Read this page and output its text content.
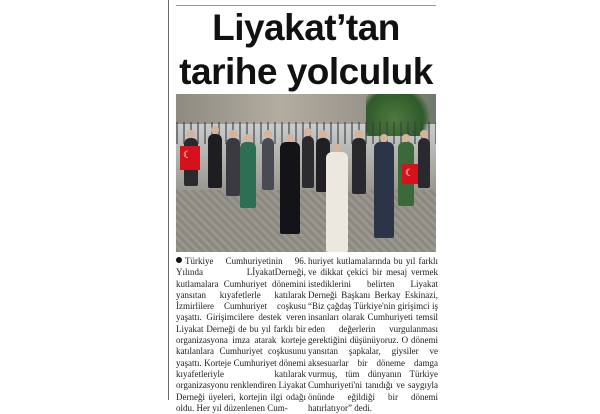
Liyakat’tan
tarihe yolculuk
☾
☾

Türkiye Cumhuriyetinin 96. Yılında LİyakatDerneği, kutlamalara Cumhuriyet dönemini yansıtan kıyafetlerle katılarak İzmirlilere Cumhuriyet coşkusu yaşattı. Girişimcilere destek veren Liyakat Derneği de bu yıl farklı bir organizasyona imza atarak korteje katılanlara Cumhuriyet coşkusunu yaşattı. Korteje Cumhuriyet dönemi kıyafetleriyle katılarak organizasyonu renklendiren Liyakat Derneği üyeleri, kortejin ilgi odağı oldu. Her yıl düzenlenen Cum-

huriyet kutlamalarında bu yıl farklı ve dikkat çekici bir mesaj vermek istediklerini belirten Liyakat Derneği Başkanı Berkay Eskinazi, “Biz çağdaş Türkiye'nin girişimci iş insanları olarak Cumhuriyeti temsil eden değerlerin vurgulanması gerektiğini düşünüyoruz. O dönemi yansıtan şapkalar, giysiler ve aksesuarlar bir döneme damga vurmuş, tüm dünyanın Türkiye Cumhuriyeti'ni tanıdığı ve saygıyla önünde eğildiği bir dönemi hatırlatıyor” dedi.
